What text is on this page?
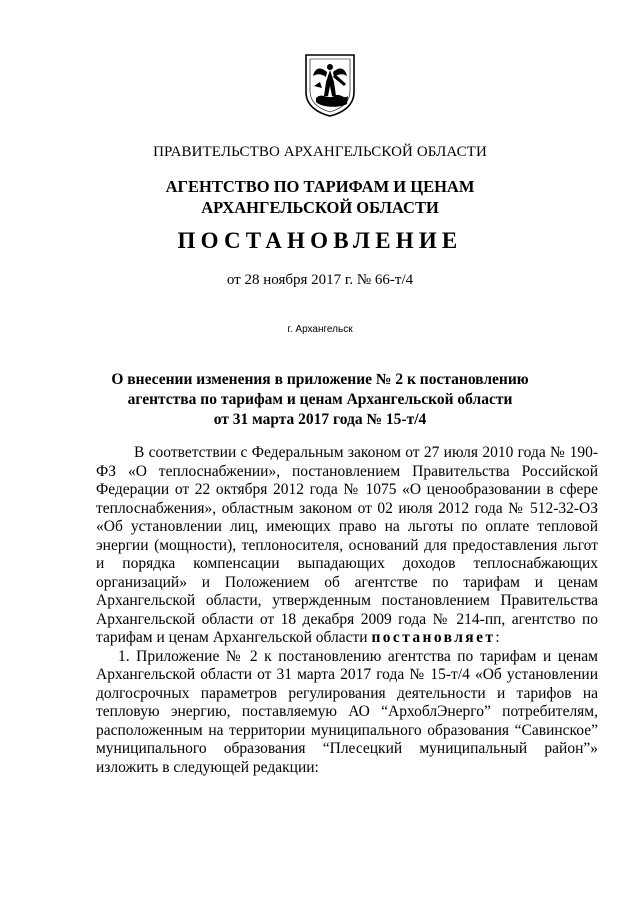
ПРАВИТЕЛЬСТВО АРХАНГЕЛЬСКОЙ ОБЛАСТИ
АГЕНТСТВО ПО ТАРИФАМ И ЦЕНАМ
АРХАНГЕЛЬСКОЙ ОБЛАСТИ
ПОСТАНОВЛЕНИЕ
от 28 ноября 2017 г. № 66-т/4
г. Архангельск
О внесении изменения в приложение № 2 к постановлению
агентства по тарифам и ценам Архангельской области
от 31 марта 2017 года № 15-т/4

В соответствии с Федеральным законом от 27 июля 2010 года № 190-ФЗ «О теплоснабжении», постановлением Правительства Российской Федерации от 22 октября 2012 года № 1075 «О ценообразовании в сфере теплоснабжения», областным законом от 02 июля 2012 года № 512-32-ОЗ «Об установлении лиц, имеющих право на льготы по оплате тепловой энергии (мощности), теплоносителя, оснований для предоставления льгот и порядка компенсации выпадающих доходов теплоснабжающих организаций» и Положением об агентстве по тарифам и ценам Архангельской области, утвержденным постановлением Правительства Архангельской области от 18 декабря 2009 года № 214-пп, агентство по тарифам и ценам Архангельской области постановляет:

1. Приложение № 2 к постановлению агентства по тарифам и ценам Архангельской области от 31 марта 2017 года № 15-т/4 «Об установлении долгосрочных параметров регулирования деятельности и тарифов на тепловую энергию, поставляемую АО “АрхоблЭнерго” потребителям, расположенным на территории муниципального образования “Савинское” муниципального образования “Плесецкий муниципальный район”» изложить в следующей редакции:
